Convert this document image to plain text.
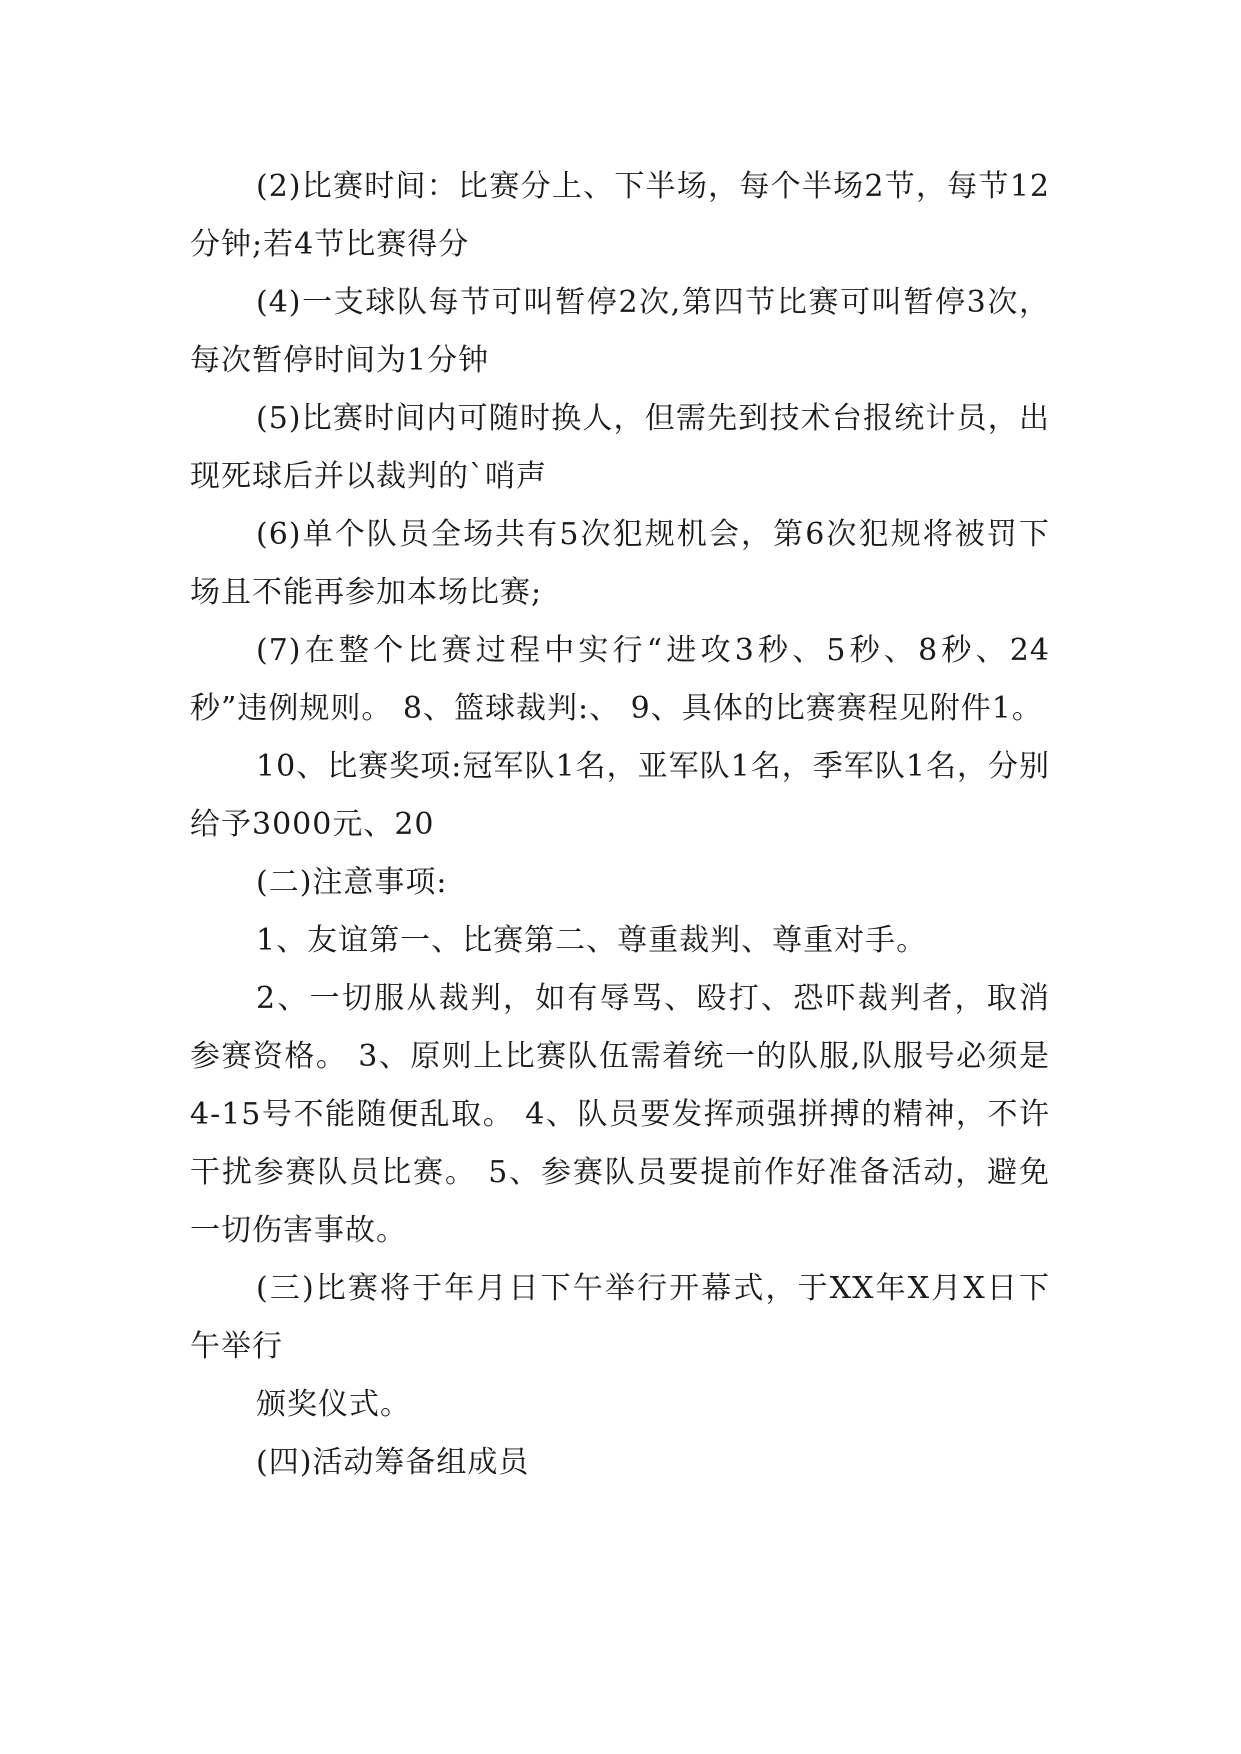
(2)比赛时间：比赛分上、下半场，每个半场2节，每节12分钟;若4节比赛得分

(4)一支球队每节可叫暂停2次,第四节比赛可叫暂停3次，每次暂停时间为1分钟

(5)比赛时间内可随时换人，但需先到技术台报统计员，出现死球后并以裁判的`哨声

(6)单个队员全场共有5次犯规机会，第6次犯规将被罚下场且不能再参加本场比赛;

(7)在整个比赛过程中实行“进攻3秒、5秒、8秒、24秒”违例规则。 8、篮球裁判:、 9、具体的比赛赛程见附件1。

10、比赛奖项:冠军队1名，亚军队1名，季军队1名，分别给予3000元、20

(二)注意事项:

1、友谊第一、比赛第二、尊重裁判、尊重对手。

2、一切服从裁判，如有辱骂、殴打、恐吓裁判者，取消参赛资格。 3、原则上比赛队伍需着统一的队服,队服号必须是4-15号不能随便乱取。 4、队员要发挥顽强拼搏的精神，不许干扰参赛队员比赛。 5、参赛队员要提前作好准备活动，避免一切伤害事故。

(三)比赛将于年月日下午举行开幕式，于XX年X月X日下午举行

颁奖仪式。

(四)活动筹备组成员
